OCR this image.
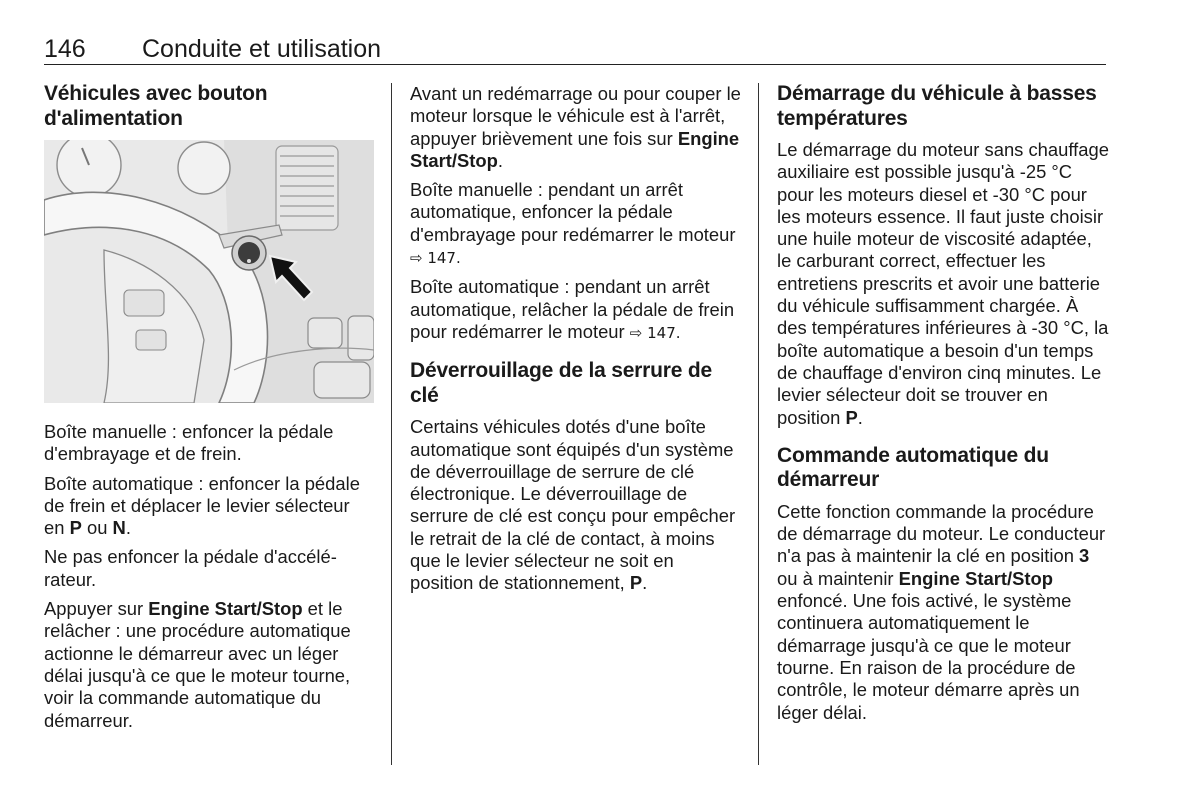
146 Conduite et utilisation
Véhicules avec bouton d'alimentation

Boîte manuelle : enfoncer la pédale d'embrayage et de frein.

Boîte automatique : enfoncer la pédale de frein et déplacer le levier sélecteur en P ou N.

Ne pas enfoncer la pédale d'accélérateur.

Appuyer sur Engine Start/Stop et le relâcher : une procédure automatique actionne le démarreur avec un léger délai jusqu'à ce que le moteur tourne, voir la commande automatique du démarreur.

Avant un redémarrage ou pour couper le moteur lorsque le véhicule est à l'arrêt, appuyer brièvement une fois sur Engine Start/Stop.

Boîte manuelle : pendant un arrêt automatique, enfoncer la pédale d'embrayage pour redémarrer le moteur ⇨ 147.

Boîte automatique : pendant un arrêt automatique, relâcher la pédale de frein pour redémarrer le moteur ⇨ 147.

Déverrouillage de la serrure de clé

Certains véhicules dotés d'une boîte automatique sont équipés d'un système de déverrouillage de serrure de clé électronique. Le déverrouillage de serrure de clé est conçu pour empêcher le retrait de la clé de contact, à moins que le levier sélecteur ne soit en position de stationnement, P.

Démarrage du véhicule à basses températures

Le démarrage du moteur sans chauffage auxiliaire est possible jusqu'à -25 °C pour les moteurs diesel et -30 °C pour les moteurs essence. Il faut juste choisir une huile moteur de viscosité adaptée, le carburant correct, effectuer les entretiens prescrits et avoir une batterie du véhicule suffisamment chargée. À des températures inférieures à -30 °C, la boîte automatique a besoin d'un temps de chauffage d'environ cinq minutes. Le levier sélecteur doit se trouver en position P.

Commande automatique du démarreur

Cette fonction commande la procédure de démarrage du moteur. Le conducteur n'a pas à maintenir la clé en position 3 ou à maintenir Engine Start/Stop enfoncé. Une fois activé, le système continuera automatiquement le démarrage jusqu'à ce que le moteur tourne. En raison de la procédure de contrôle, le moteur démarre après un léger délai.
